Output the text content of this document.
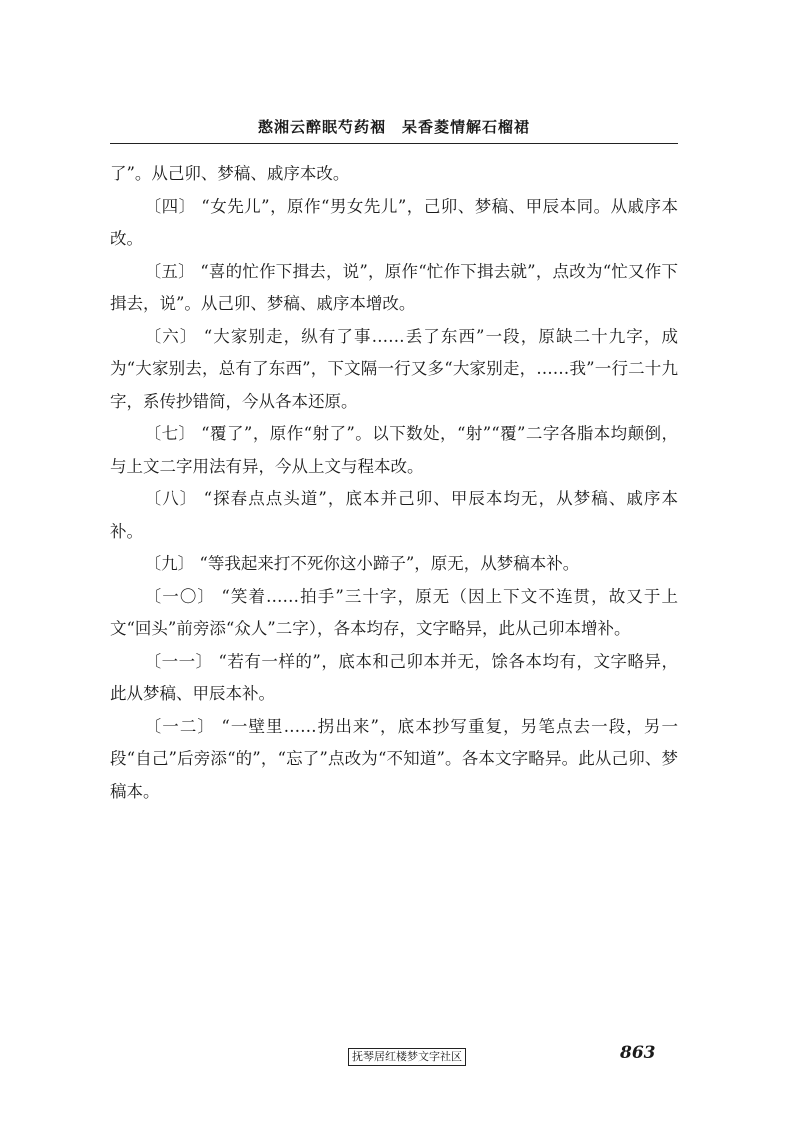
憨湘云醉眠芍药裀　呆香菱情解石榴裙

了”。从己卯、梦稿、戚序本改。

〔四〕 “女先儿”，原作“男女先儿”，己卯、梦稿、甲辰本同。从戚序本改。

〔五〕 “喜的忙作下揖去，说”，原作“忙作下揖去就”，点改为“忙又作下揖去，说”。从己卯、梦稿、戚序本增改。

〔六〕 “大家别走，纵有了事……丢了东西”一段，原缺二十九字，成为“大家别去，总有了东西”，下文隔一行又多“大家别走，……我”一行二十九字，系传抄错简，今从各本还原。

〔七〕 “覆了”，原作“射了”。以下数处，“射”“覆”二字各脂本均颠倒，与上文二字用法有异，今从上文与程本改。

〔八〕 “探春点点头道”，底本并己卯、甲辰本均无，从梦稿、戚序本补。

〔九〕 “等我起来打不死你这小蹄子”，原无，从梦稿本补。

〔一〇〕 “笑着……拍手”三十字，原无（因上下文不连贯，故又于上文“回头”前旁添“众人”二字），各本均存，文字略异，此从己卯本增补。

〔一一〕 “若有一样的”，底本和己卯本并无，馀各本均有，文字略异，此从梦稿、甲辰本补。

〔一二〕 “一壁里……拐出来”，底本抄写重复，另笔点去一段，另一段“自己”后旁添“的”，“忘了”点改为“不知道”。各本文字略异。此从己卯、梦稿本。

抚琴居红楼梦文字社区	863
